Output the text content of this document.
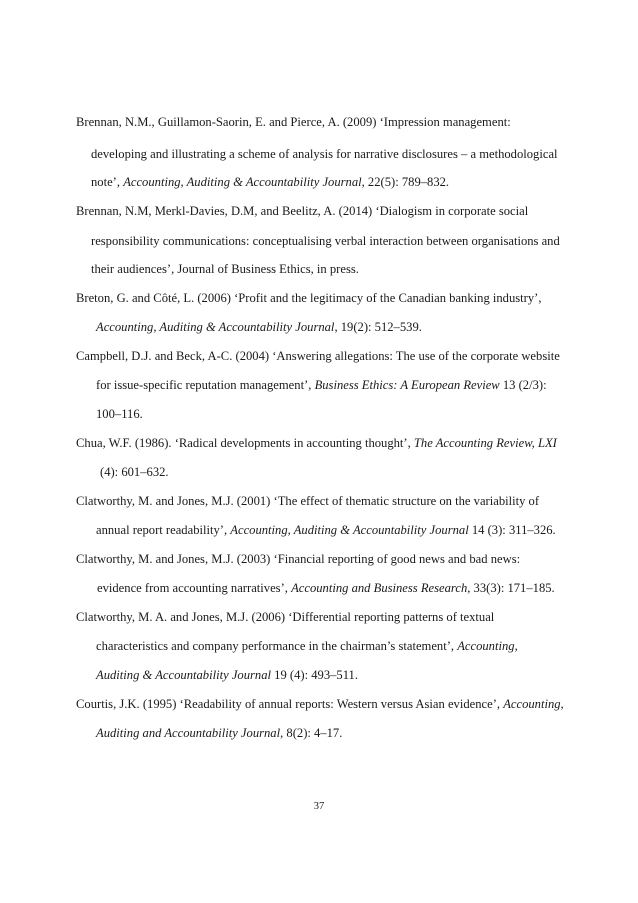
Brennan, N.M., Guillamon-Saorin, E. and Pierce, A. (2009) ‘Impression management:
developing and illustrating a scheme of analysis for narrative disclosures – a methodological
note’, Accounting, Auditing & Accountability Journal, 22(5): 789–832.
Brennan, N.M, Merkl-Davies, D.M, and Beelitz, A. (2014) ‘Dialogism in corporate social
responsibility communications: conceptualising verbal interaction between organisations and
their audiences’, Journal of Business Ethics, in press.
Breton, G. and Côté, L. (2006) ‘Profit and the legitimacy of the Canadian banking industry’,
Accounting, Auditing & Accountability Journal, 19(2): 512–539.
Campbell, D.J. and Beck, A-C. (2004) ‘Answering allegations: The use of the corporate website
for issue-specific reputation management’, Business Ethics: A European Review 13 (2/3):
100–116.
Chua, W.F. (1986). ‘Radical developments in accounting thought’, The Accounting Review, LXI
(4): 601–632.
Clatworthy, M. and Jones, M.J. (2001) ‘The effect of thematic structure on the variability of
annual report readability’, Accounting, Auditing & Accountability Journal 14 (3): 311–326.
Clatworthy, M. and Jones, M.J. (2003) ‘Financial reporting of good news and bad news:
evidence from accounting narratives’, Accounting and Business Research, 33(3): 171–185.
Clatworthy, M. A. and Jones, M.J. (2006) ‘Differential reporting patterns of textual
characteristics and company performance in the chairman’s statement’, Accounting,
Auditing & Accountability Journal 19 (4): 493–511.
Courtis, J.K. (1995) ‘Readability of annual reports: Western versus Asian evidence’, Accounting,
Auditing and Accountability Journal, 8(2): 4–17.
37
